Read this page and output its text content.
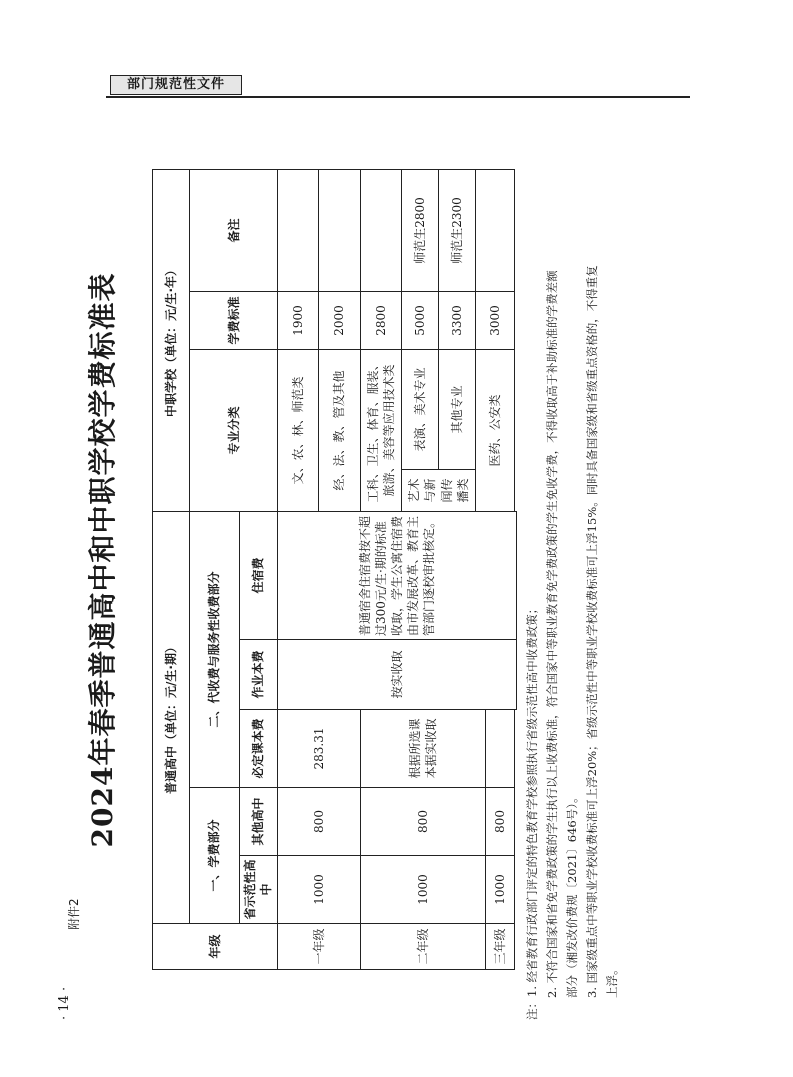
部门规范性文件
· 14 ·
附件2
2024年春季普通高中和中职学校学费标准表
年级	普通高中（单位：元/生·期）					中职学校（单位：元/生·年）			
	一、学费部分		二、代收费与服务性收费部分			专业分类		学费标准	备注
	省示范性高中	其他高中	必定课本费	作业本费	住宿费				
一年级	1000	800	283.31	按实收取	普通宿舍住宿费按不超过300元/生·期的标准收取，学生公寓住宿费由市发展改革、教育主管部门逐校审批核定。	文、农、林、师范类		1900	
						经、法、教、管及其他		2000	
二年级	1000	800	根据所选课本据实收取			工科、卫生、体育、服装、旅游、美容等应用技术类		2800	
						艺术与新闻传播类	表演、美术专业	5000	师范生2800
							其他专业	3300	师范生2300
						医药、公安类		3000	
三年级	1000	800							

注：1. 经省教育行政部门评定的特色教育学校参照执行省级示范性高中收费政策； 2. 不符合国家和省免学费政策的学生执行以上收费标准，符合国家中等职业教育免学费政策的学生免收学费，不得收取高于补助标准的学费差额 部分（湘发改价费规〔2021〕646号）。 3. 国家级重点中等职业学校收费标准可上浮20%；省级示范性中等职业学校收费标准可上浮15%。同时具备国家级和省级重点资格的，不得重复 上浮。
